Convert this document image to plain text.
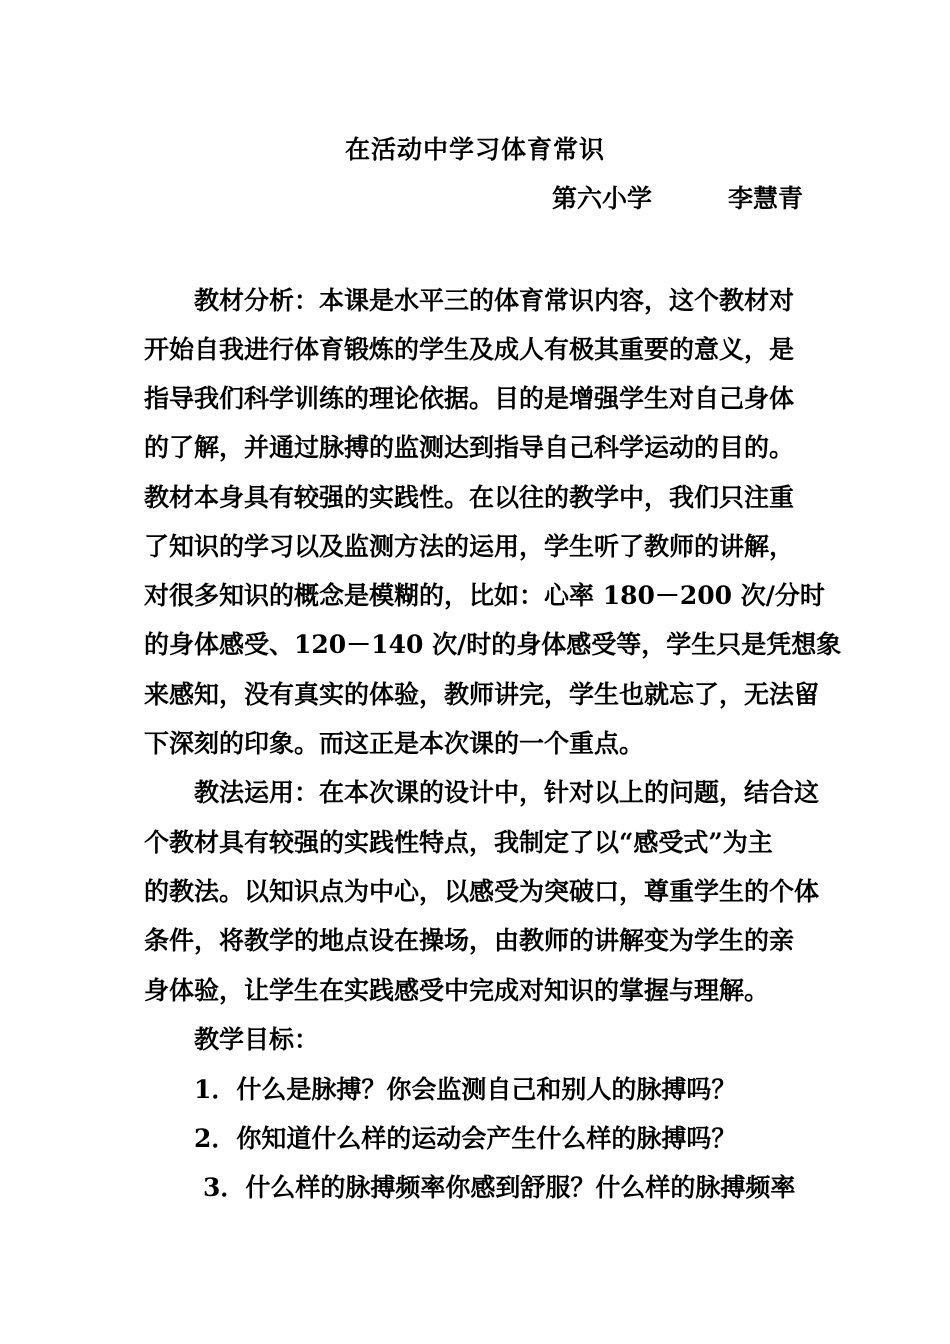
在活动中学习体育常识
第六小学	李慧青
教材分析：本课是水平三的体育常识内容，这个教材对
开始自我进行体育锻炼的学生及成人有极其重要的意义，是
指导我们科学训练的理论依据。目的是增强学生对自己身体
的了解，并通过脉搏的监测达到指导自己科学运动的目的。
教材本身具有较强的实践性。在以往的教学中，我们只注重
了知识的学习以及监测方法的运用，学生听了教师的讲解，
对很多知识的概念是模糊的，比如：心率 180－200 次/分时
的身体感受、120－140 次/时的身体感受等，学生只是凭想象
来感知，没有真实的体验，教师讲完，学生也就忘了，无法留
下深刻的印象。而这正是本次课的一个重点。
教法运用：在本次课的设计中，针对以上的问题，结合这
个教材具有较强的实践性特点，我制定了以“感受式”为主
的教法。以知识点为中心，以感受为突破口，尊重学生的个体
条件，将教学的地点设在操场，由教师的讲解变为学生的亲
身体验，让学生在实践感受中完成对知识的掌握与理解。
教学目标：
1．什么是脉搏？你会监测自己和别人的脉搏吗？
2．你知道什么样的运动会产生什么样的脉搏吗？
3．什么样的脉搏频率你感到舒服？什么样的脉搏频率
